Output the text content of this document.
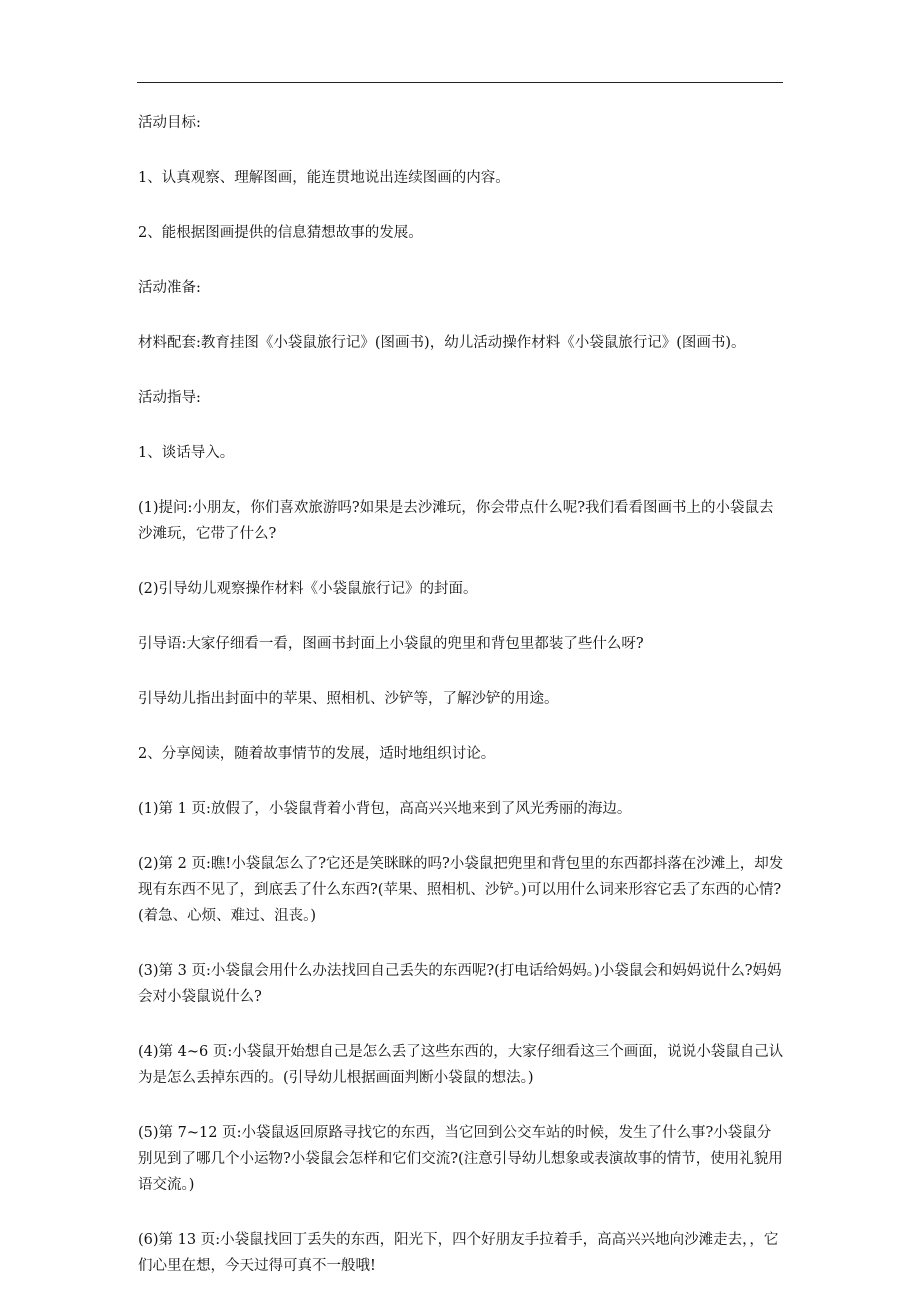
活动目标:

1、认真观察、理解图画，能连贯地说出连续图画的内容。

2、能根据图画提供的信息猜想故事的发展。

活动准备:

材料配套:教育挂图《小袋鼠旅行记》(图画书)，幼儿活动操作材料《小袋鼠旅行记》(图画书)。

活动指导:

1、谈话导入。

(1)提问:小朋友，你们喜欢旅游吗?如果是去沙滩玩，你会带点什么呢?我们看看图画书上的小袋鼠去沙滩玩，它带了什么?

(2)引导幼儿观察操作材料《小袋鼠旅行记》的封面。

引导语:大家仔细看一看，图画书封面上小袋鼠的兜里和背包里都装了些什么呀?

引导幼儿指出封面中的苹果、照相机、沙铲等，了解沙铲的用途。

2、分享阅读，随着故事情节的发展，适时地组织讨论。

(1)第 1 页:放假了，小袋鼠背着小背包，高高兴兴地来到了风光秀丽的海边。

(2)第 2 页:瞧!小袋鼠怎么了?它还是笑眯眯的吗?小袋鼠把兜里和背包里的东西都抖落在沙滩上，却发现有东西不见了，到底丢了什么东西?(苹果、照相机、沙铲。)可以用什么词来形容它丢了东西的心情?(着急、心烦、难过、沮丧。)

(3)第 3 页:小袋鼠会用什么办法找回自己丢失的东西呢?(打电话给妈妈。)小袋鼠会和妈妈说什么?妈妈会对小袋鼠说什么?

(4)第 4~6 页:小袋鼠开始想自己是怎么丢了这些东西的，大家仔细看这三个画面，说说小袋鼠自己认为是怎么丢掉东西的。(引导幼儿根据画面判断小袋鼠的想法。)

(5)第 7~12 页:小袋鼠返回原路寻找它的东西，当它回到公交车站的时候，发生了什么事?小袋鼠分别见到了哪几个小运物?小袋鼠会怎样和它们交流?(注意引导幼儿想象或表演故事的情节，使用礼貌用语交流。)

(6)第 13 页:小袋鼠找回丁丢失的东西，阳光下，四个好朋友手拉着手，高高兴兴地向沙滩走去，，它们心里在想，今天过得可真不一般哦!
